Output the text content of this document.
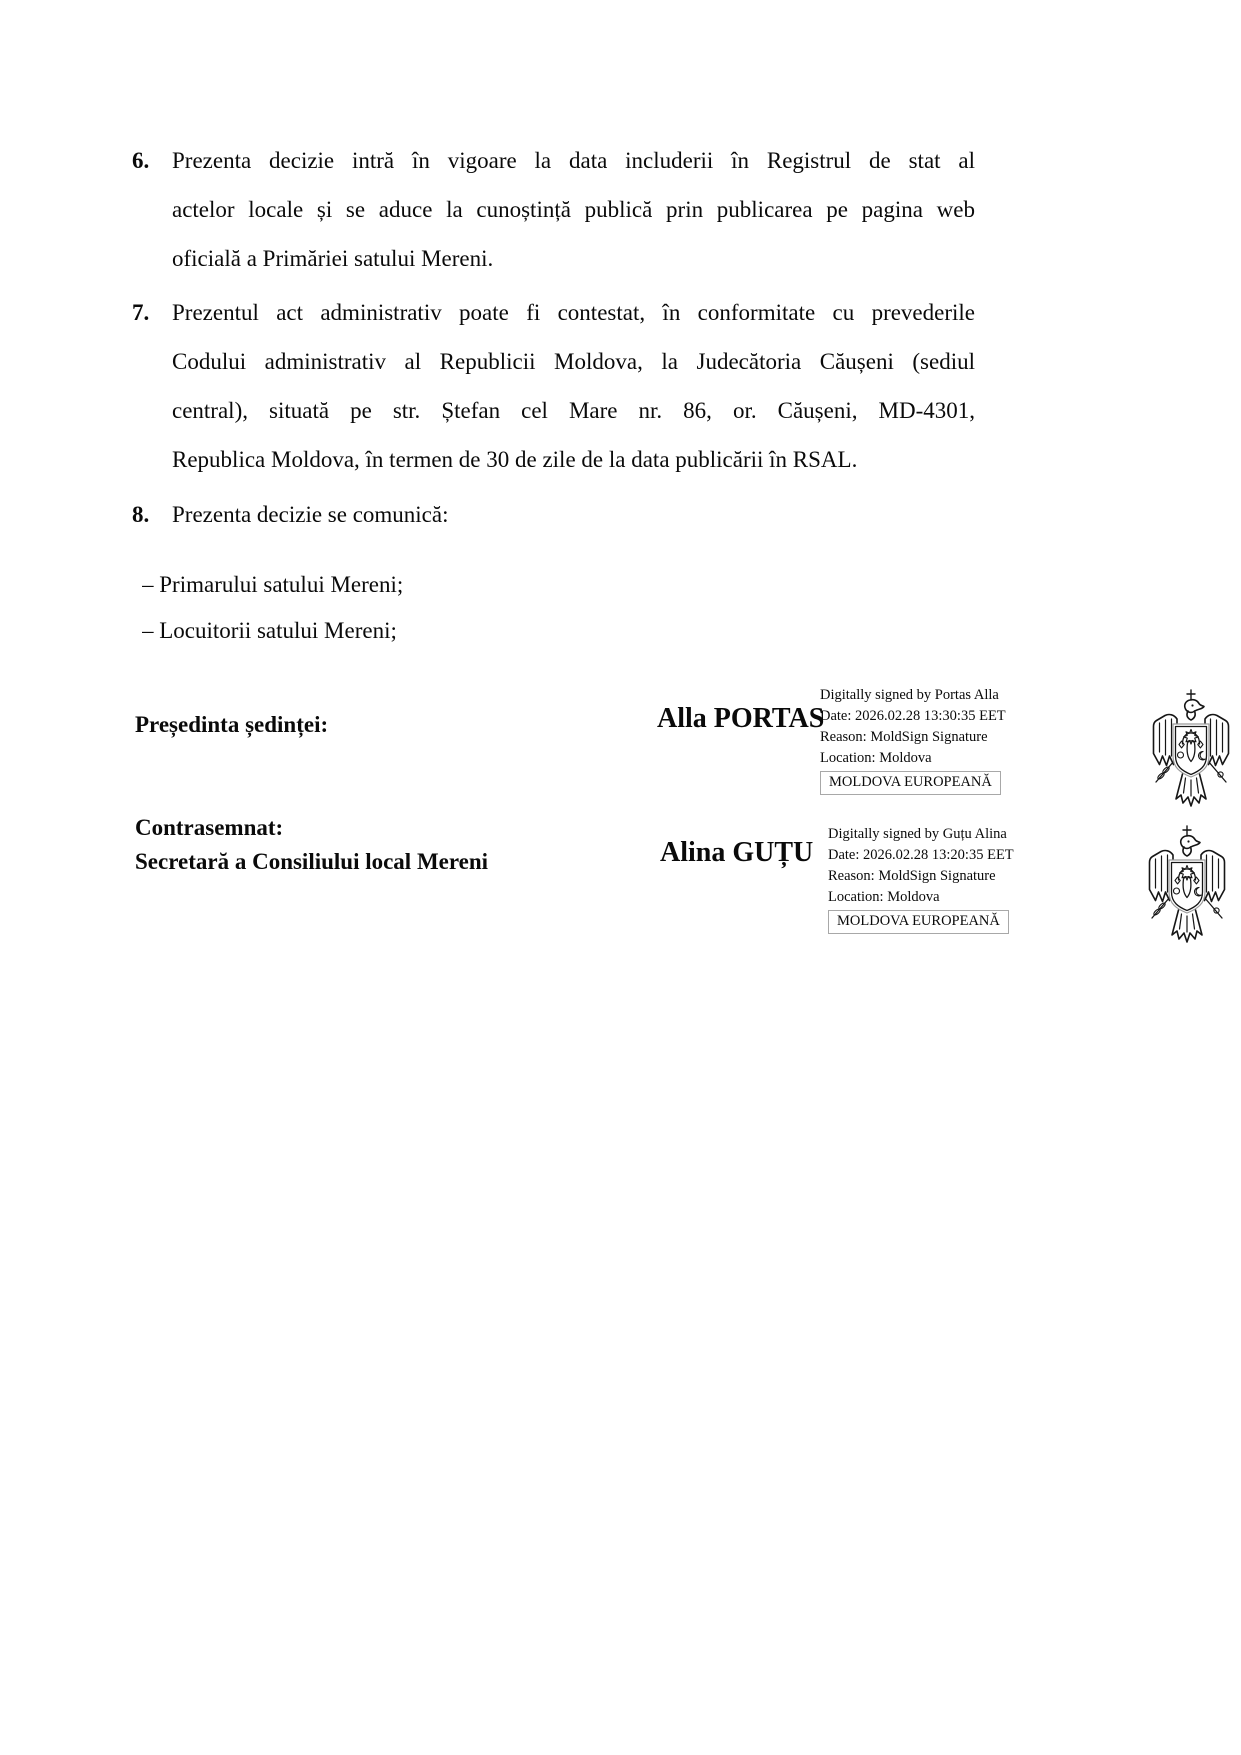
6. Prezenta decizie intră în vigoare la data includerii în Registrul de stat al
actelor locale și se aduce la cunoștință publică prin publicarea pe pagina web
oficială a Primăriei satului Mereni.
7. Prezentul act administrativ poate fi contestat, în conformitate cu prevederile
Codului administrativ al Republicii Moldova, la Judecătoria Căușeni (sediul
central), situată pe str. Ștefan cel Mare nr. 86, or. Căușeni, MD-4301,
Republica Moldova, în termen de 30 de zile de la data publicării în RSAL.
8. Prezenta decizie se comunică:
– Primarului satului Mereni;
– Locuitorii satului Mereni;
Președinta ședinței:	Alla PORTAS
Digitally signed by Portas Alla
Date: 2026.02.28 13:30:35 EET
Reason: MoldSign Signature
Location: Moldova
MOLDOVA EUROPEANĂ
Contrasemnat:
Secretară a Consiliului local Mereni	Alina GUȚU
Digitally signed by Guțu Alina
Date: 2026.02.28 13:20:35 EET
Reason: MoldSign Signature
Location: Moldova
MOLDOVA EUROPEANĂ
